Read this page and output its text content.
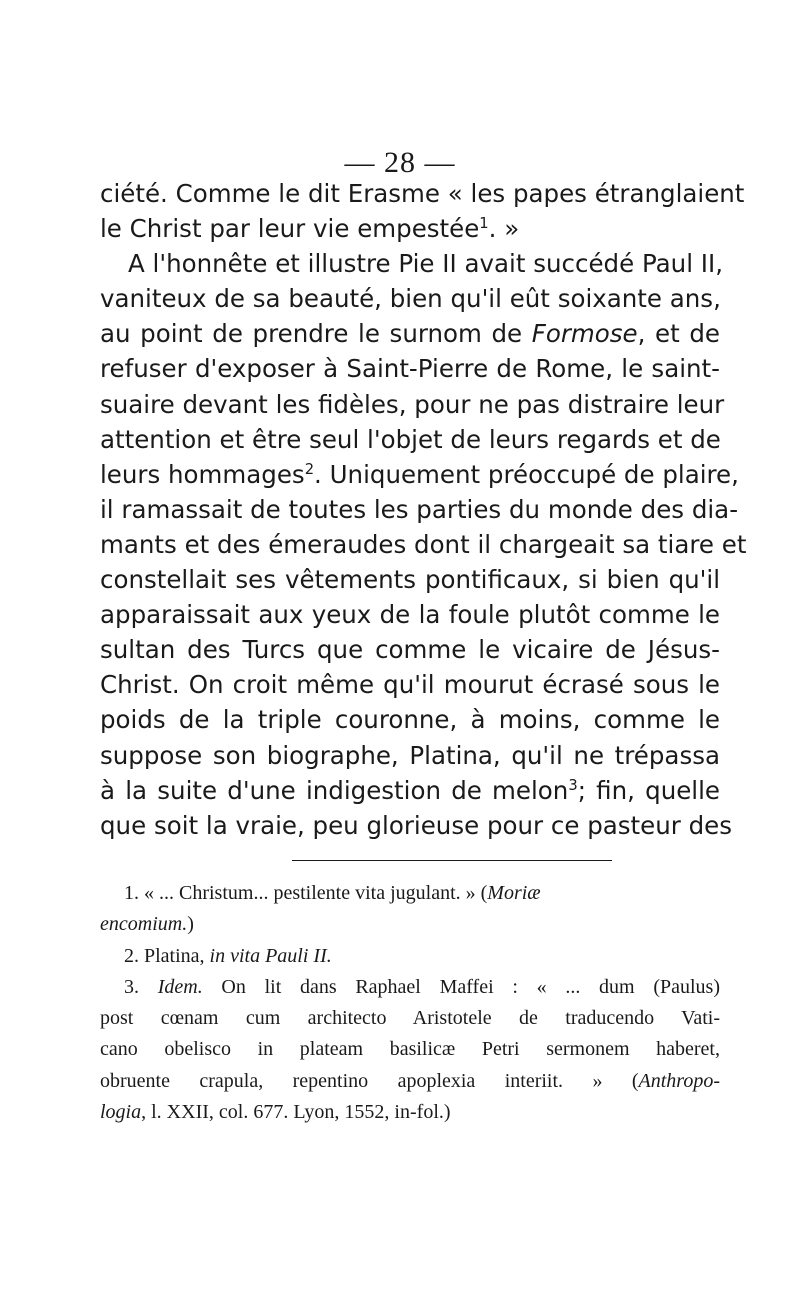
— 28 —
cіété. Comme le dit Erasme « les papes étranglaient
le Christ par leur vie empestée$^1$. »
A l'honnête et illustre Pie II avait succédé Paul II,
vaniteux de sa beauté, bien qu'il eût soixante ans,
au point de prendre le surnom de Formose, et de
refuser d'exposer à Saint-Pierre de Rome, le saint-
suaire devant les fidèles, pour ne pas distraire leur
attention et être seul l'objet de leurs regards et de
leurs hommages$^2$. Uniquement préoccupé de plaire,
il ramassait de toutes les parties du monde des dia-
mants et des émeraudes dont il chargeait sa tiare et
constellait ses vêtements pontificaux, si bien qu'il
apparaissait aux yeux de la foule plutôt comme le
sultan des Turcs que comme le vicaire de Jésus-
Christ. On croit même qu'il mourut écrasé sous le
poids de la triple couronne, à moins, comme le
suppose son biographe, Platina, qu'il ne trépassa
à la suite d'une indigestion de melon$^3$; fin, quelle
que soit la vraie, peu glorieuse pour ce pasteur des
1. « ... Christum... pestilente vita jugulant. » (Moriæ
encomium.)
2. Platina, in vita Pauli II.
3. Idem. On lit dans Raphael Maffei : « ... dum (Paulus)
post cœnam cum architecto Aristotele de traducendo Vati-
cano obelisco in plateam basilicæ Petri sermonem haberet,
obruente crapula, repentino apoplexia interiit. » (Anthropo-
logia, l. XXII, col. 677. Lyon, 1552, in-fol.)
